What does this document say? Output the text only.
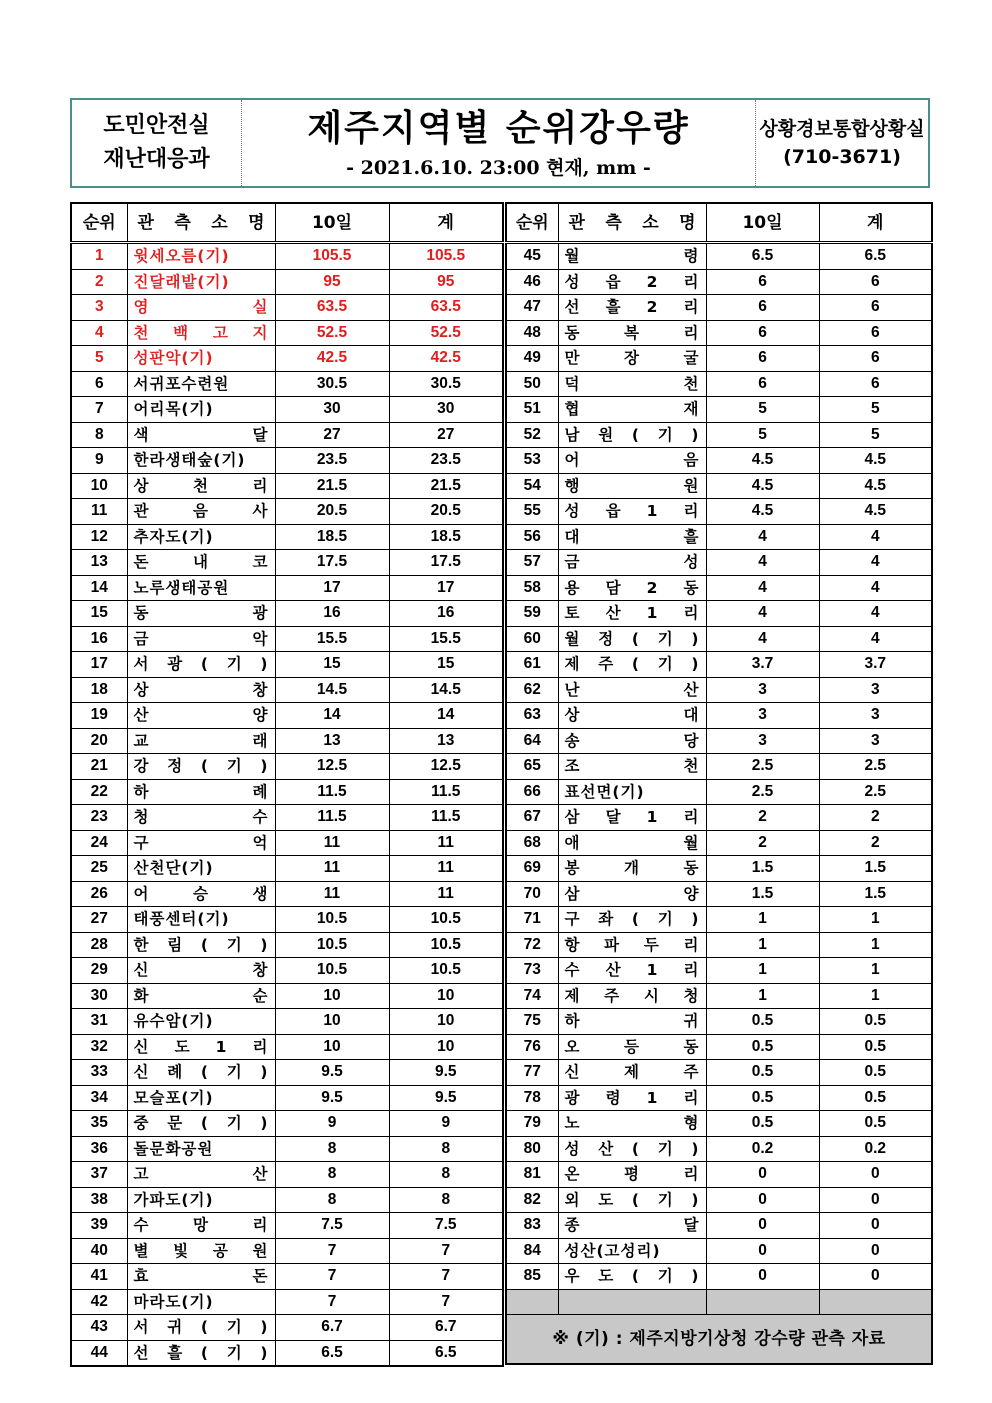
도민안전실
재난대응과
제주지역별 순위강우량
- 2021.6.10. 23:00 현재, mm -
상황경보통합상황실
(710-3671)
순위	관 측 소 명	10일	계
1	윗세오름(기)	105.5	105.5
2	진달래밭(기)	95	95
3	영 실	63.5	63.5
4	천 백 고 지	52.5	52.5
5	성판악(기)	42.5	42.5
6	서귀포수련원	30.5	30.5
7	어리목(기)	30	30
8	색 달	27	27
9	한라생태숲(기)	23.5	23.5
10	상 천 리	21.5	21.5
11	관 음 사	20.5	20.5
12	추자도(기)	18.5	18.5
13	돈 내 코	17.5	17.5
14	노루생태공원	17	17
15	동 광	16	16
16	금 악	15.5	15.5
17	서 광 ( 기 )	15	15
18	상 창	14.5	14.5
19	산 양	14	14
20	교 래	13	13
21	강 정 ( 기 )	12.5	12.5
22	하 례	11.5	11.5
23	청 수	11.5	11.5
24	구 억	11	11
25	산천단(기)	11	11
26	어 승 생	11	11
27	태풍센터(기)	10.5	10.5
28	한 림 ( 기 )	10.5	10.5
29	신 창	10.5	10.5
30	화 순	10	10
31	유수암(기)	10	10
32	신 도 1 리	10	10
33	신 례 ( 기 )	9.5	9.5
34	모슬포(기)	9.5	9.5
35	중 문 ( 기 )	9	9
36	돌문화공원	8	8
37	고 산	8	8
38	가파도(기)	8	8
39	수 망 리	7.5	7.5
40	별 빛 공 원	7	7
41	효 돈	7	7
42	마라도(기)	7	7
43	서 귀 ( 기 )	6.7	6.7
44	선 흘 ( 기 )	6.5	6.5
순위	관 측 소 명	10일	계
45	월 령	6.5	6.5
46	성 읍 2 리	6	6
47	선 흘 2 리	6	6
48	동 복 리	6	6
49	만 장 굴	6	6
50	덕 천	6	6
51	협 재	5	5
52	남 원 ( 기 )	5	5
53	어 음	4.5	4.5
54	행 원	4.5	4.5
55	성 읍 1 리	4.5	4.5
56	대 흘	4	4
57	금 성	4	4
58	용 담 2 동	4	4
59	토 산 1 리	4	4
60	월 정 ( 기 )	4	4
61	제 주 ( 기 )	3.7	3.7
62	난 산	3	3
63	상 대	3	3
64	송 당	3	3
65	조 천	2.5	2.5
66	표선면(기)	2.5	2.5
67	삼 달 1 리	2	2
68	애 월	2	2
69	봉 개 동	1.5	1.5
70	삼 양	1.5	1.5
71	구 좌 ( 기 )	1	1
72	항 파 두 리	1	1
73	수 산 1 리	1	1
74	제 주 시 청	1	1
75	하 귀	0.5	0.5
76	오 등 동	0.5	0.5
77	신 제 주	0.5	0.5
78	광 령 1 리	0.5	0.5
79	노 형	0.5	0.5
80	성 산 ( 기 )	0.2	0.2
81	온 평 리	0	0
82	외 도 ( 기 )	0	0
83	종 달	0	0
84	성산(고성리)	0	0
85	우 도 ( 기 )	0	0

※ (기) : 제주지방기상청 강수량 관측 자료			
